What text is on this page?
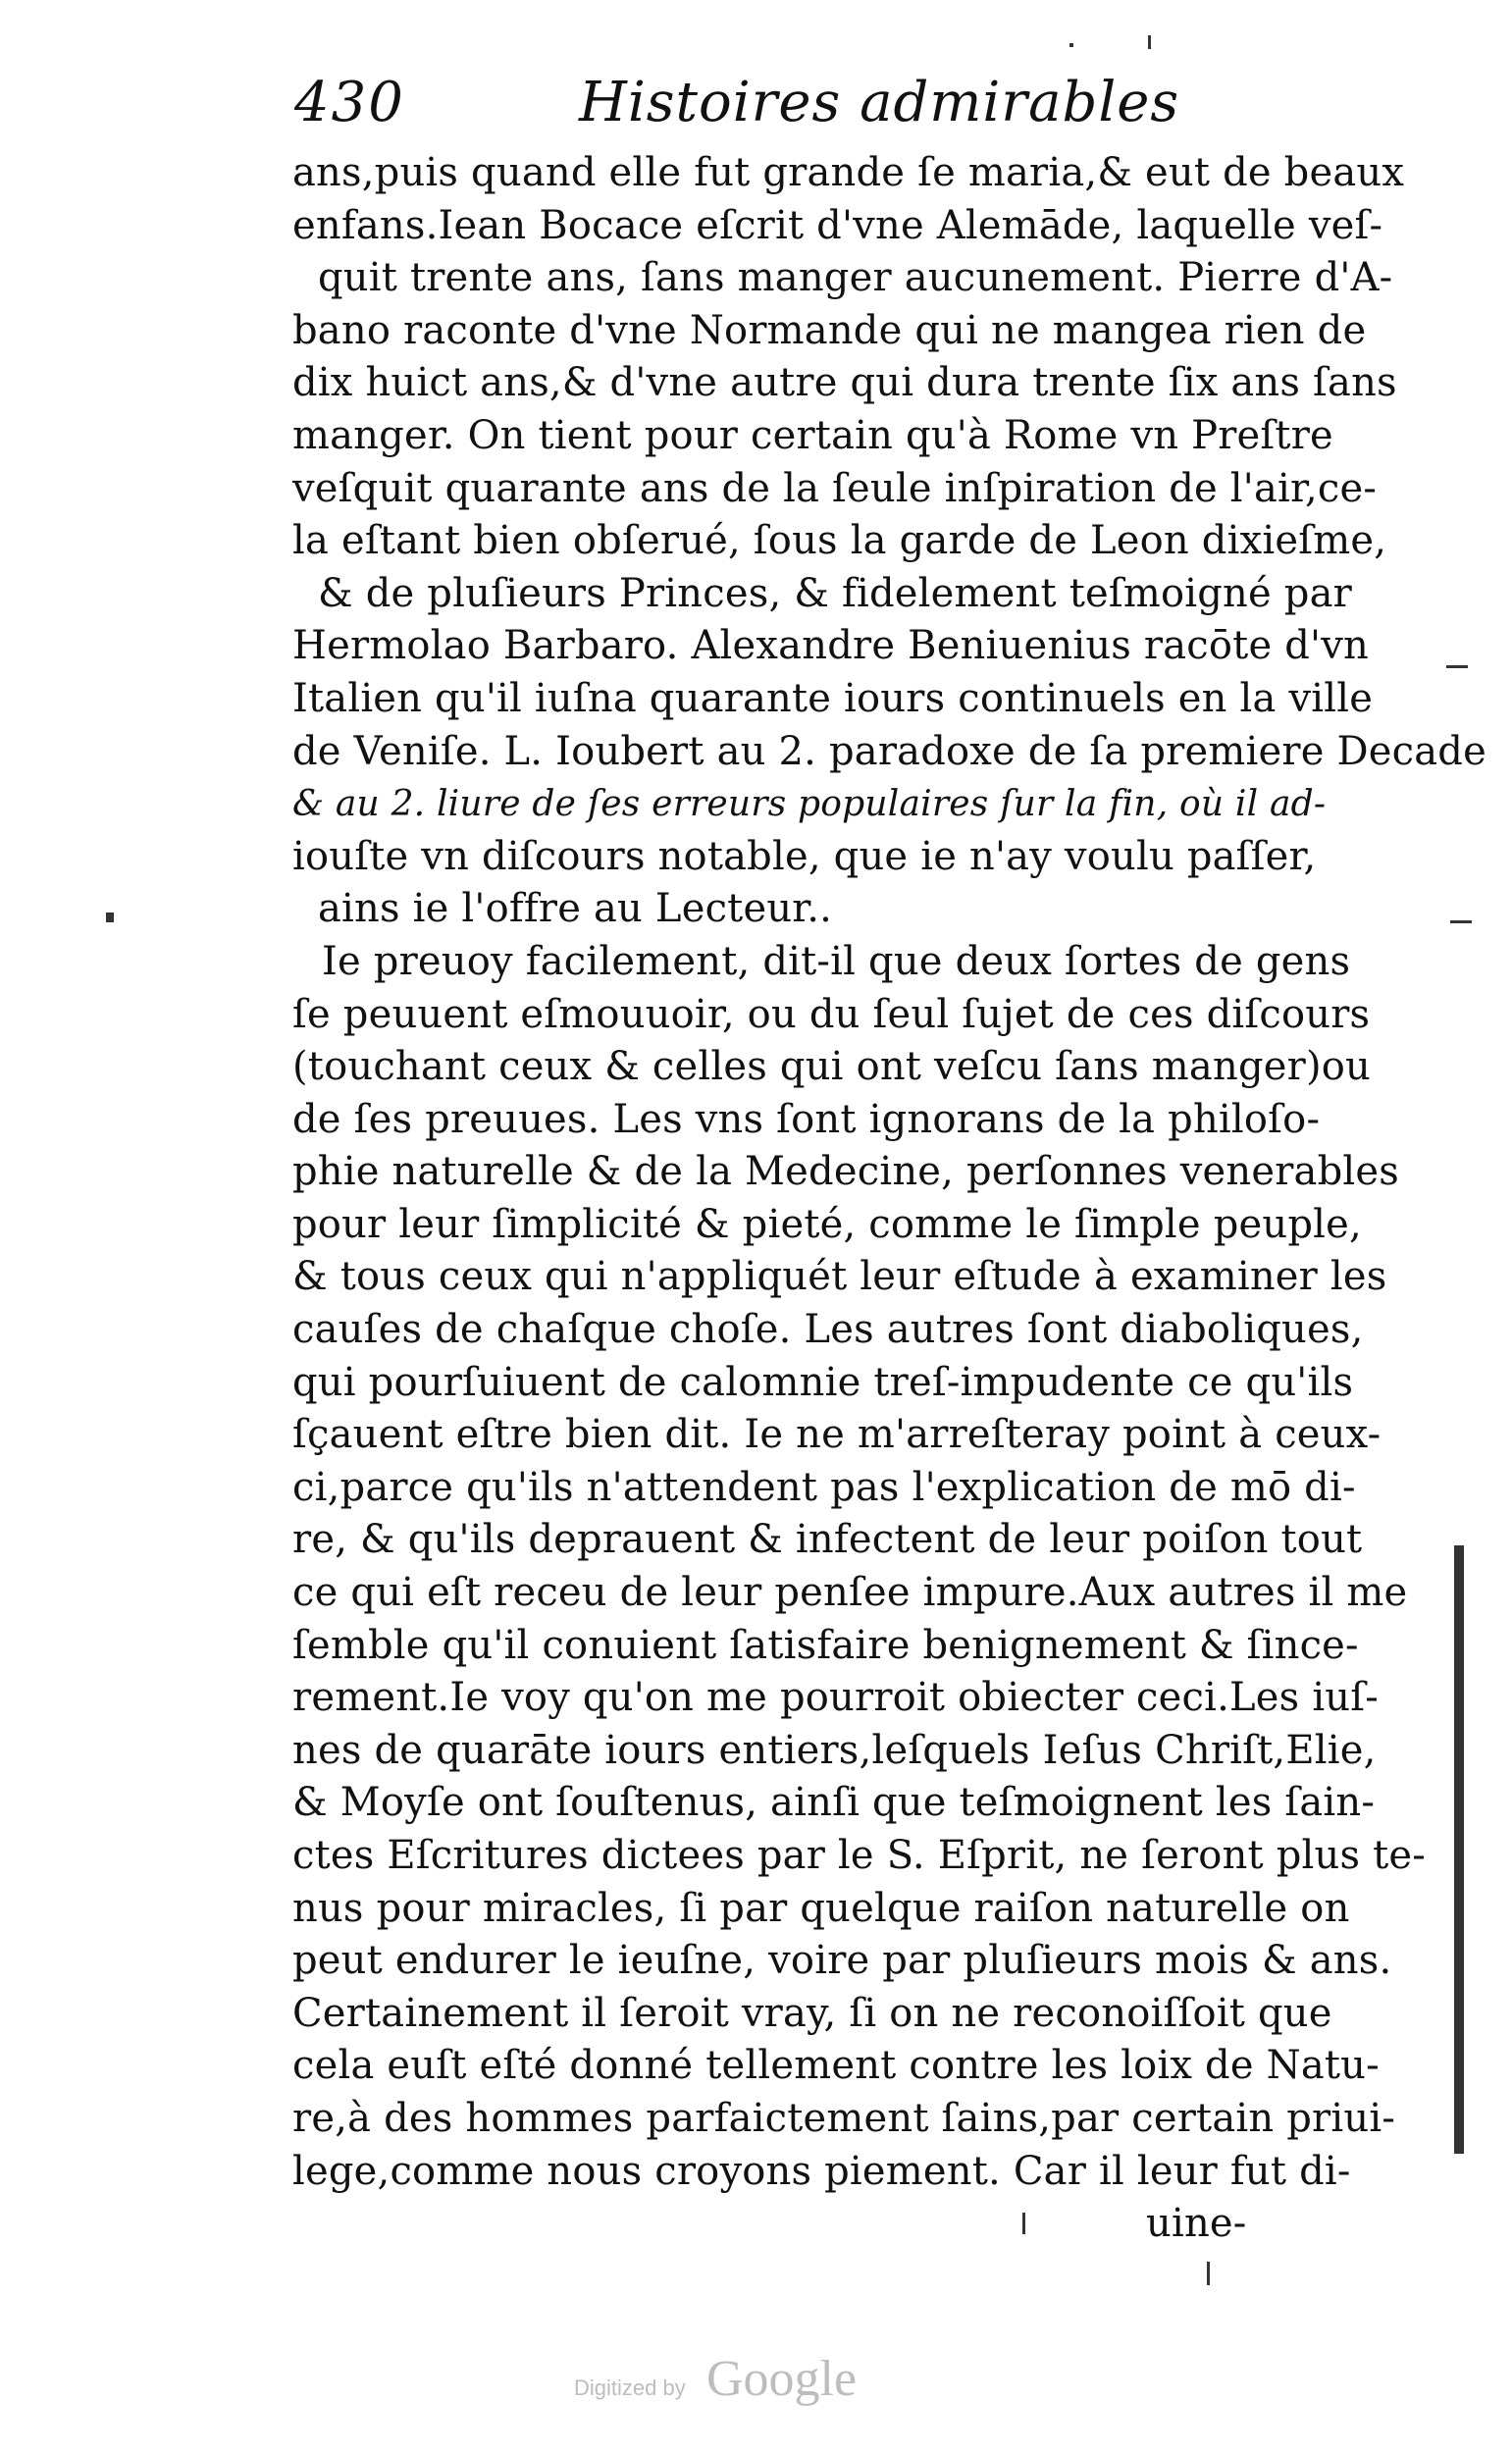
430	Histoires admirables
ans,puis quand elle fut grande ſe maria,& eut de beaux
enfans.Iean Bocace eſcrit d'vne Alemāde, laquelle veſ-
quit trente ans, ſans manger aucunement. Pierre d'A-
bano raconte d'vne Normande qui ne mangea rien de
dix huict ans,& d'vne autre qui dura trente ſix ans ſans
manger. On tient pour certain qu'à Rome vn Preſtre
veſquit quarante ans de la ſeule inſpiration de l'air,ce-
la eſtant bien obſerué, ſous la garde de Leon dixieſme,
& de pluſieurs Princes, & fidelement teſmoigné par
Hermolao Barbaro. Alexandre Beniuenius racōte d'vn
Italien qu'il iuſna quarante iours continuels en la ville
de Veniſe. L. Ioubert au 2. paradoxe de ſa premiere Decade
& au 2. liure de ſes erreurs populaires ſur la fin, où il ad-
iouſte vn diſcours notable, que ie n'ay voulu paſſer,
ains ie l'offre au Lecteur..
Ie preuoy facilement, dit-il que deux ſortes de gens
ſe peuuent eſmouuoir, ou du ſeul ſujet de ces diſcours
(touchant ceux & celles qui ont veſcu ſans manger)ou
de ſes preuues. Les vns ſont ignorans de la philoſo-
phie naturelle & de la Medecine, perſonnes venerables
pour leur ſimplicité & pieté, comme le ſimple peuple,
& tous ceux qui n'appliquét leur eſtude à examiner les
cauſes de chaſque choſe. Les autres ſont diaboliques,
qui pourſuiuent de calomnie treſ-impudente ce qu'ils
ſçauent eſtre bien dit. Ie ne m'arreſteray point à ceux-
ci,parce qu'ils n'attendent pas l'explication de mō di-
re, & qu'ils deprauent & infectent de leur poiſon tout
ce qui eſt receu de leur penſee impure.Aux autres il me
ſemble qu'il conuient ſatisfaire benignement & ſince-
rement.Ie voy qu'on me pourroit obiecter ceci.Les iuſ-
nes de quarāte iours entiers,leſquels Ieſus Chriſt,Elie,
& Moyſe ont ſouſtenus, ainſi que teſmoignent les ſain-
ctes Eſcritures dictees par le S. Eſprit, ne ſeront plus te-
nus pour miracles, ſi par quelque raiſon naturelle on
peut endurer le ieuſne, voire par pluſieurs mois & ans.
Certainement il ſeroit vray, ſi on ne reconoiſſoit que
cela euſt eſté donné tellement contre les loix de Natu-
re,à des hommes parfaictement ſains,par certain priui-
lege,comme nous croyons piement. Car il leur fut di-
uine-
Digitized by Google
